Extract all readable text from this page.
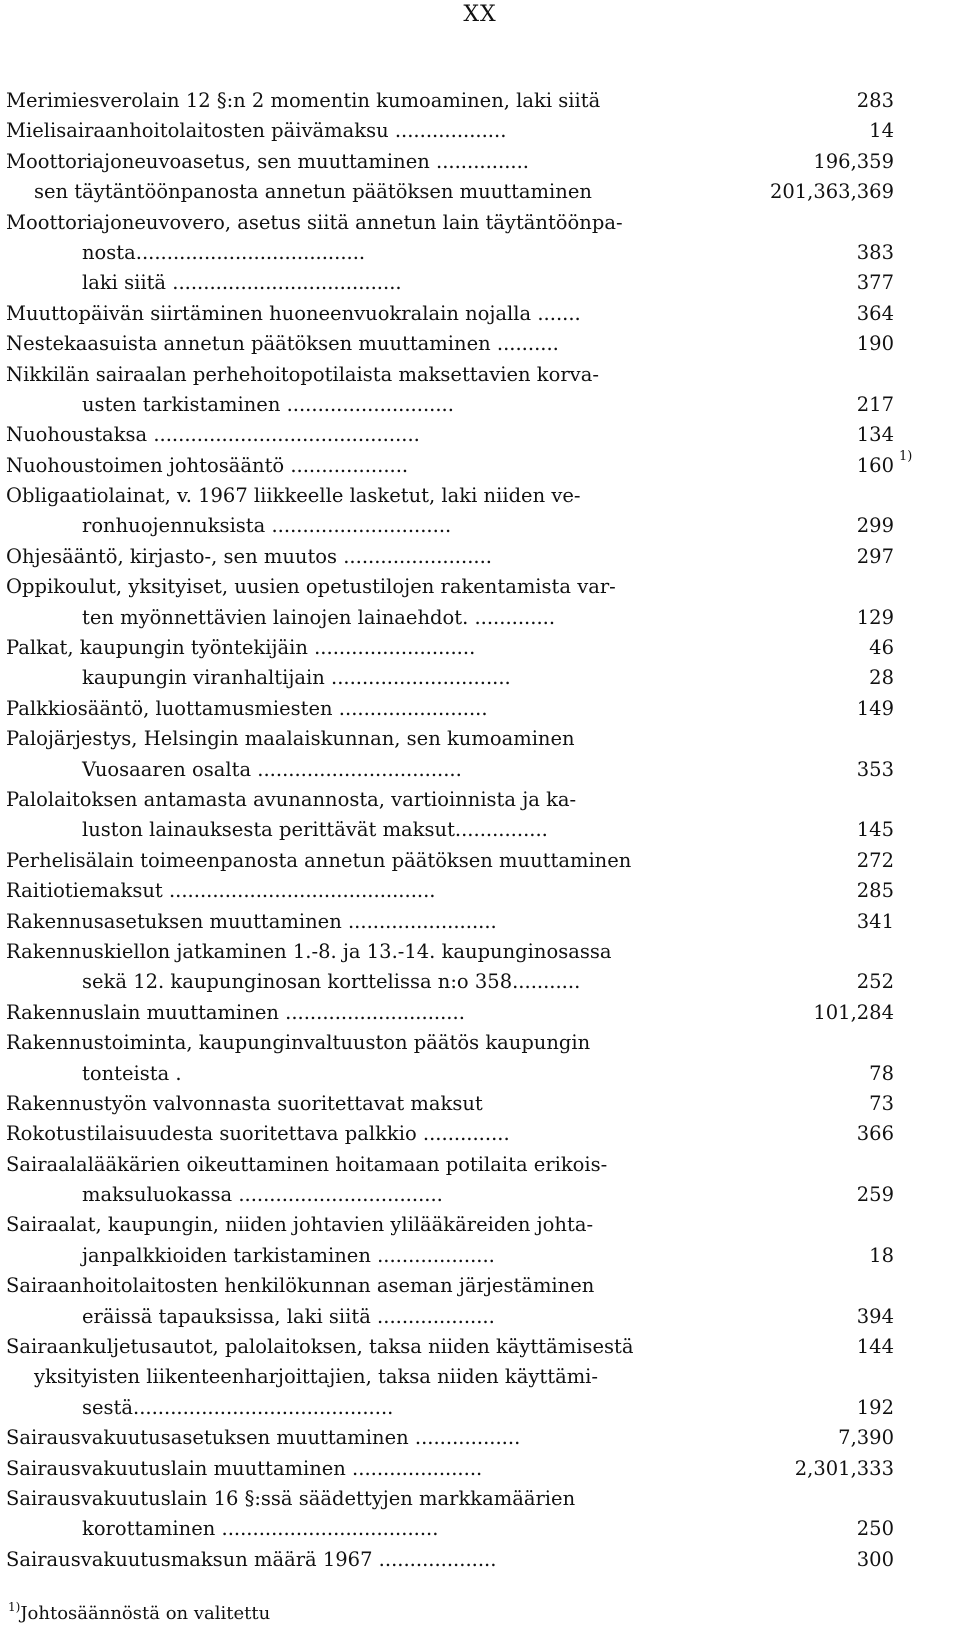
XX
Merimiesverolain 12 §:n 2 momentin kumoaminen, laki siitä	283
Mielisairaanhoitolaitosten päivämaksu ..................	14
Moottoriajoneuvoasetus, sen muuttaminen ...............	196,359
sen täytäntöönpanosta annetun päätöksen muuttaminen	201,363,369
Moottoriajoneuvovero, asetus siitä annetun lain täytäntöönpa-
nosta.....................................	383
laki siitä .....................................	377
Muuttopäivän siirtäminen huoneenvuokralain nojalla .......	364
Nestekaasuista annetun päätöksen muuttaminen ..........	190
Nikkilän sairaalan perhehoitopotilaista maksettavien korva-
usten tarkistaminen ...........................	217
Nuohoustaksa ...........................................	134
Nuohoustoimen johtosääntö ...................	160 1)
Obligaatiolainat, v. 1967 liikkeelle lasketut, laki niiden ve-
ronhuojennuksista .............................	299
Ohjesääntö, kirjasto-, sen muutos ........................	297
Oppikoulut, yksityiset, uusien opetustilojen rakentamista var-
ten myönnettävien lainojen lainaehdot. .............	129
Palkat, kaupungin työntekijäin ..........................	46
kaupungin viranhaltijain .............................	28
Palkkiosääntö, luottamusmiesten ........................	149
Palojärjestys, Helsingin maalaiskunnan, sen kumoaminen
Vuosaaren osalta .................................	353
Palolaitoksen antamasta avunannosta, vartioinnista ja ka-
luston lainauksesta perittävät maksut...............	145
Perhelisälain toimeenpanosta annetun päätöksen muuttaminen	272
Raitiotiemaksut ...........................................	285
Rakennusasetuksen muuttaminen ........................	341
Rakennuskiellon jatkaminen 1.-8. ja 13.-14. kaupunginosassa
sekä 12. kaupunginosan korttelissa n:o 358...........	252
Rakennuslain muuttaminen .............................	101,284
Rakennustoiminta, kaupunginvaltuuston päätös kaupungin
tonteista .	78
Rakennustyön valvonnasta suoritettavat maksut	73
Rokotustilaisuudesta suoritettava palkkio ..............	366
Sairaalalääkärien oikeuttaminen hoitamaan potilaita erikois-
maksuluokassa .................................	259
Sairaalat, kaupungin, niiden johtavien ylilääkäreiden johta-
janpalkkioiden tarkistaminen ...................	18
Sairaanhoitolaitosten henkilökunnan aseman järjestäminen
eräissä tapauksissa, laki siitä ...................	394
Sairaankuljetusautot, palolaitoksen, taksa niiden käyttämisestä	144
yksityisten liikenteenharjoittajien, taksa niiden käyttämi-
sestä..........................................	192
Sairausvakuutusasetuksen muuttaminen .................	7,390
Sairausvakuutuslain muuttaminen .....................	2,301,333
Sairausvakuutuslain 16 §:ssä säädettyjen markkamäärien
korottaminen ...................................	250
Sairausvakuutusmaksun määrä 1967 ...................	300
$^{1)}$Johtosäännöstä on valitettu
